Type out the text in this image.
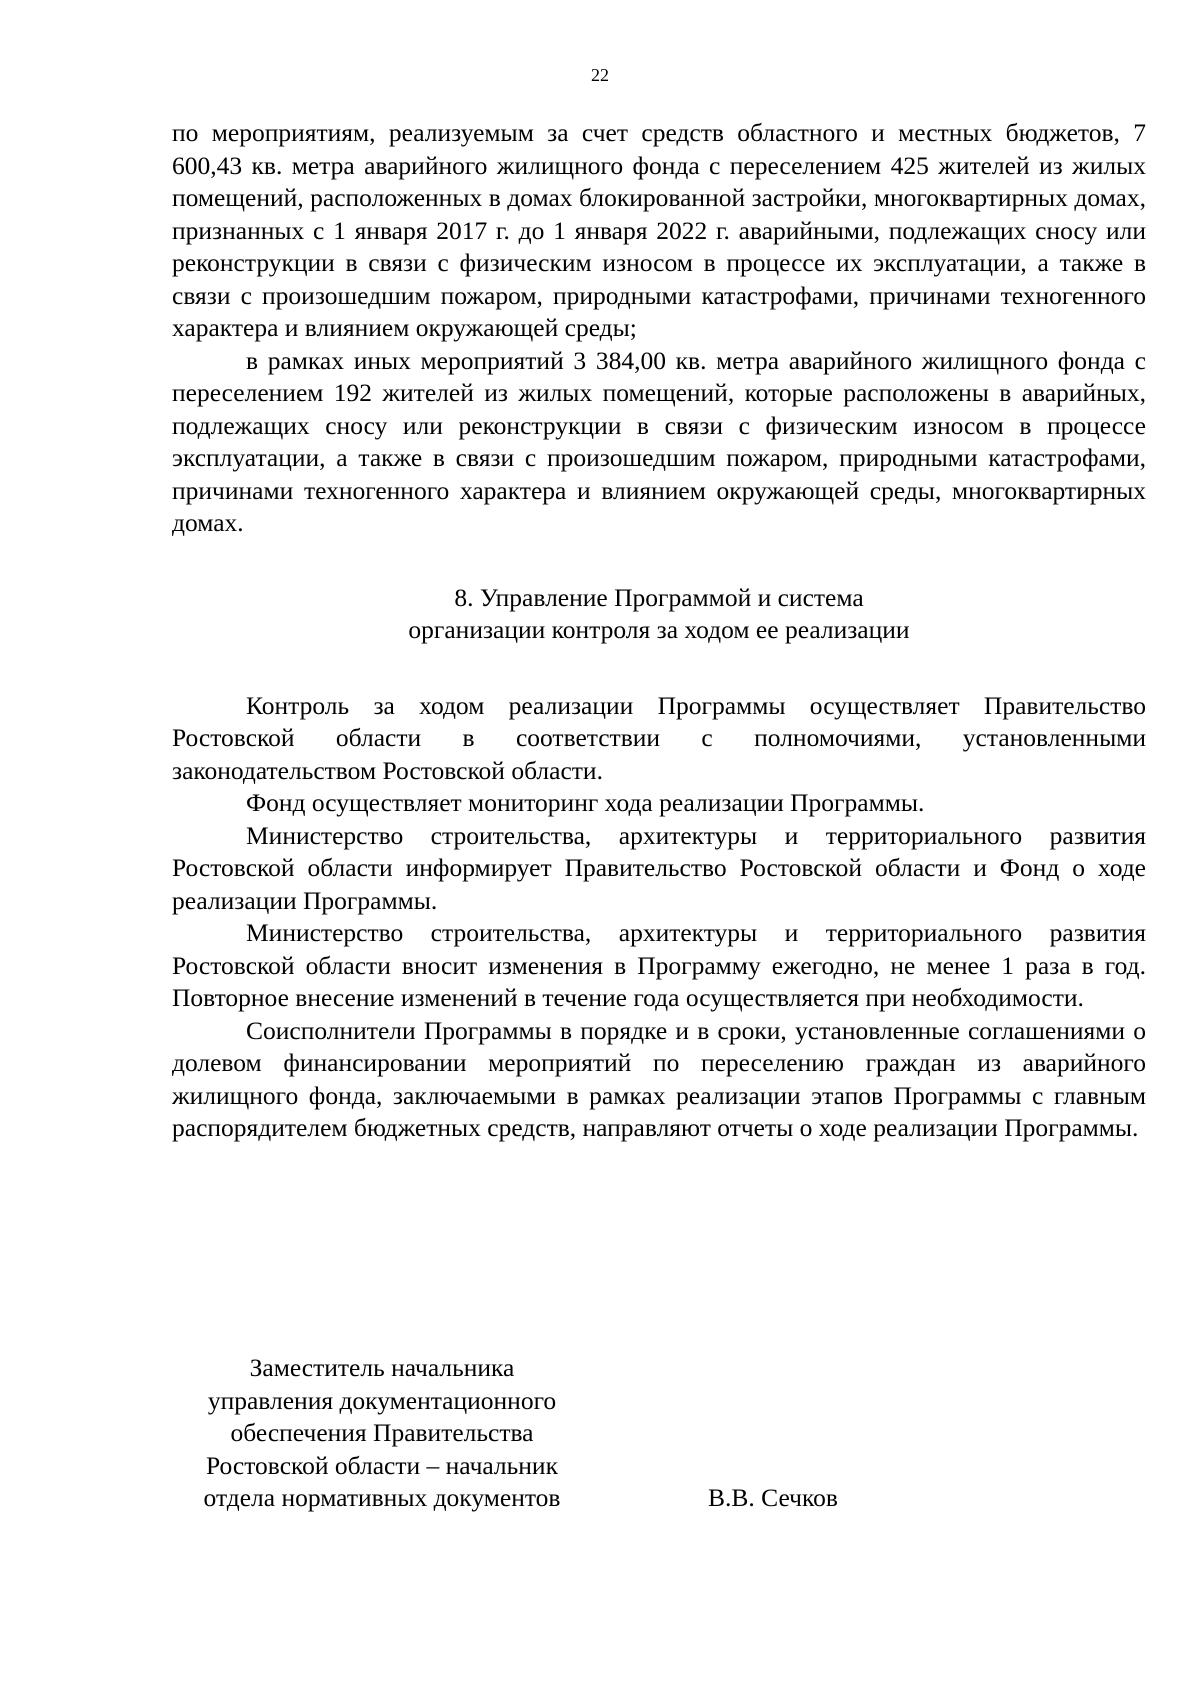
22

по мероприятиям, реализуемым за счет средств областного и местных бюджетов, 7 600,43 кв. метра аварийного жилищного фонда с переселением 425 жителей из жилых помещений, расположенных в домах блокированной застройки, многоквартирных домах, признанных с 1 января 2017 г. до 1 января 2022 г. аварийными, подлежащих сносу или реконструкции в связи с физическим износом в процессе их эксплуатации, а также в связи с произошедшим пожаром, природными катастрофами, причинами техногенного характера и влиянием окружающей среды;

в рамках иных мероприятий 3 384,00 кв. метра аварийного жилищного фонда с переселением 192 жителей из жилых помещений, которые расположены в аварийных, подлежащих сносу или реконструкции в связи с физическим износом в процессе эксплуатации, а также в связи с произошедшим пожаром, природными катастрофами, причинами техногенного характера и влиянием окружающей среды, многоквартирных домах.

8. Управление Программой и система
организации контроля за ходом ее реализации

Контроль за ходом реализации Программы осуществляет Правительство Ростовской области в соответствии с полномочиями, установленными законодательством Ростовской области.

Фонд осуществляет мониторинг хода реализации Программы.

Министерство строительства, архитектуры и территориального развития Ростовской области информирует Правительство Ростовской области и Фонд о ходе реализации Программы.

Министерство строительства, архитектуры и территориального развития Ростовской области вносит изменения в Программу ежегодно, не менее 1 раза в год. Повторное внесение изменений в течение года осуществляется при необходимости.

Соисполнители Программы в порядке и в сроки, установленные соглашениями о долевом финансировании мероприятий по переселению граждан из аварийного жилищного фонда, заключаемыми в рамках реализации этапов Программы с главным распорядителем бюджетных средств, направляют отчеты о ходе реализации Программы.

Заместитель начальника
управления документационного
обеспечения Правительства
Ростовской области – начальник
отдела нормативных документов	В.В. Сечков
